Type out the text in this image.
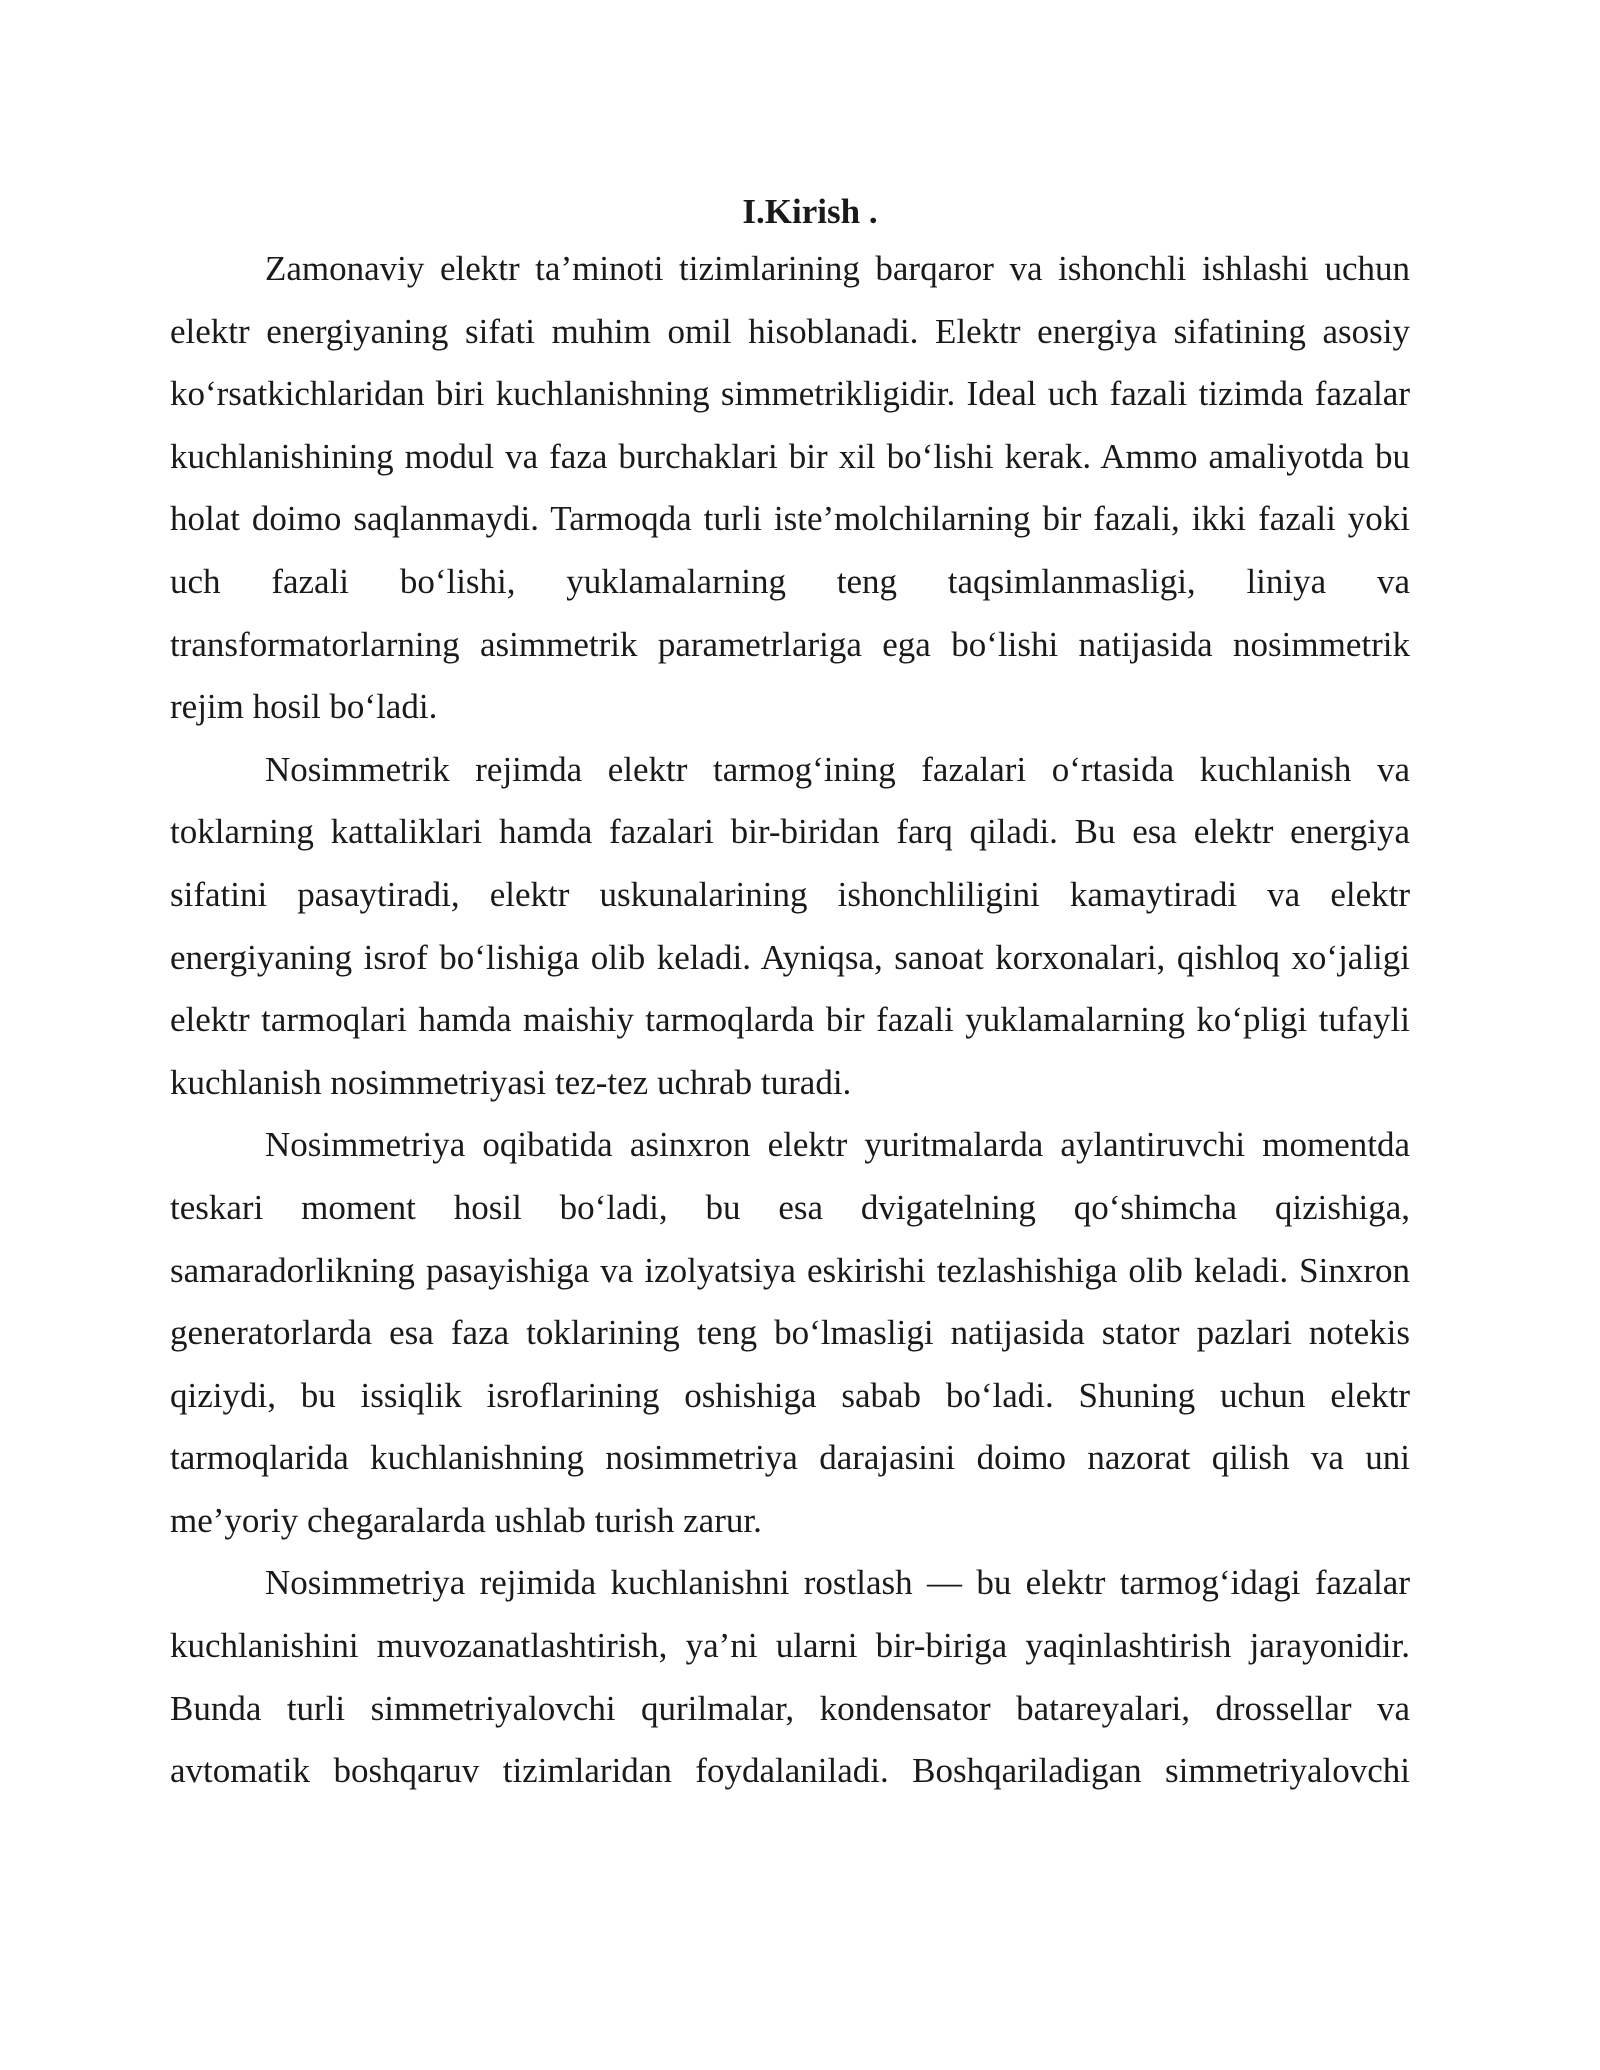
I.Kirish .

Zamonaviy elektr ta’minoti tizimlarining barqaror va ishonchli ishlashi uchun elektr energiyaning sifati muhim omil hisoblanadi. Elektr energiya sifatining asosiy ko‘rsatkichlaridan biri kuchlanishning simmetrikligidir. Ideal uch fazali tizimda fazalar kuchlanishining modul va faza burchaklari bir xil bo‘lishi kerak. Ammo amaliyotda bu holat doimo saqlanmaydi. Tarmoqda turli iste’molchilarning bir fazali, ikki fazali yoki uch fazali bo‘lishi, yuklamalarning teng taqsimlanmasligi, liniya va transformatorlarning asimmetrik parametrlariga ega bo‘lishi natijasida nosimmetrik rejim hosil bo‘ladi.

Nosimmetrik rejimda elektr tarmog‘ining fazalari o‘rtasida kuchlanish va toklarning kattaliklari hamda fazalari bir-biridan farq qiladi. Bu esa elektr energiya sifatini pasaytiradi, elektr uskunalarining ishonchliligini kamaytiradi va elektr energiyaning isrof bo‘lishiga olib keladi. Ayniqsa, sanoat korxonalari, qishloq xo‘jaligi elektr tarmoqlari hamda maishiy tarmoqlarda bir fazali yuklamalarning ko‘pligi tufayli kuchlanish nosimmetriyasi tez-tez uchrab turadi.

Nosimmetriya oqibatida asinxron elektr yuritmalarda aylantiruvchi momentda teskari moment hosil bo‘ladi, bu esa dvigatelning qo‘shimcha qizishiga, samaradorlikning pasayishiga va izolyatsiya eskirishi tezlashishiga olib keladi. Sinxron generatorlarda esa faza toklarining teng bo‘lmasligi natijasida stator pazlari notekis qiziydi, bu issiqlik isroflarining oshishiga sabab bo‘ladi. Shuning uchun elektr tarmoqlarida kuchlanishning nosimmetriya darajasini doimo nazorat qilish va uni me’yoriy chegaralarda ushlab turish zarur.

Nosimmetriya rejimida kuchlanishni rostlash — bu elektr tarmog‘idagi fazalar kuchlanishini muvozanatlashtirish, ya’ni ularni bir-biriga yaqinlashtirish jarayonidir. Bunda turli simmetriyalovchi qurilmalar, kondensator batareyalari, drossellar va avtomatik boshqaruv tizimlaridan foydalaniladi. Boshqariladigan simmetriyalovchi
